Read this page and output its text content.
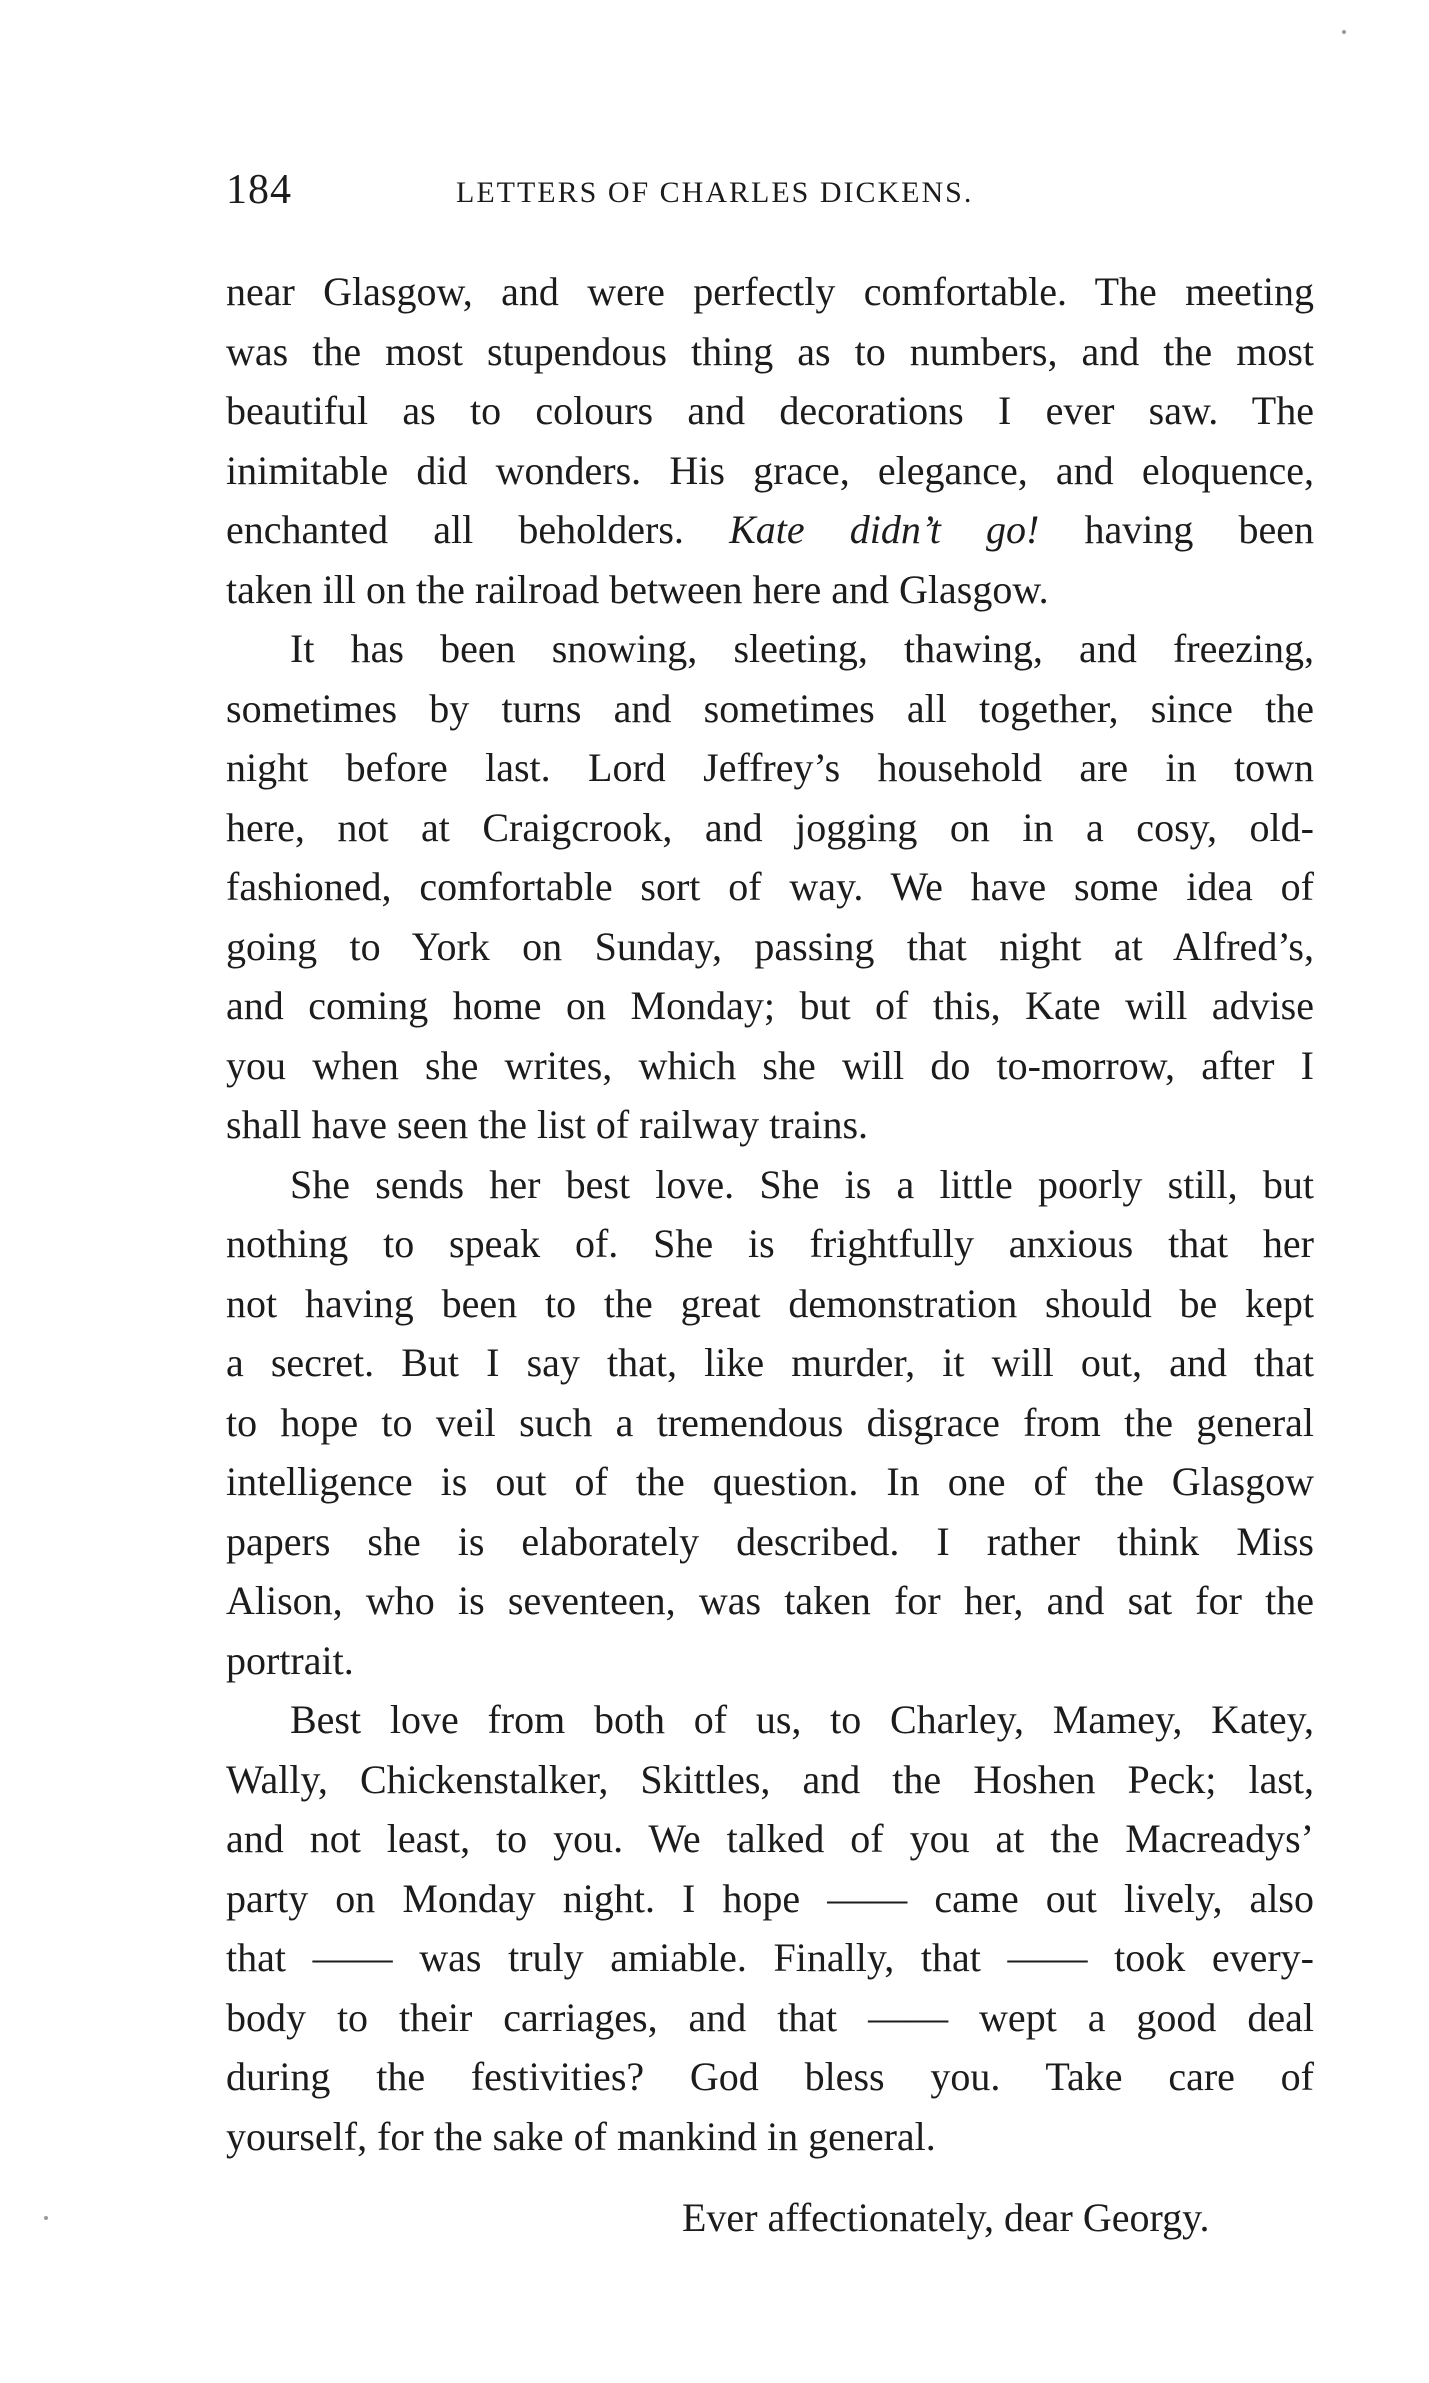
184	LETTERS OF CHARLES DICKENS.
near Glasgow, and were perfectly comfortable. The meeting
was the most stupendous thing as to numbers, and the most
beautiful as to colours and decorations I ever saw. The
inimitable did wonders. His grace, elegance, and eloquence,
enchanted all beholders. Kate didn’t go! having been
taken ill on the railroad between here and Glasgow.
It has been snowing, sleeting, thawing, and freezing,
sometimes by turns and sometimes all together, since the
night before last. Lord Jeffrey’s household are in town
here, not at Craigcrook, and jogging on in a cosy, old-
fashioned, comfortable sort of way. We have some idea of
going to York on Sunday, passing that night at Alfred’s,
and coming home on Monday; but of this, Kate will advise
you when she writes, which she will do to-morrow, after I
shall have seen the list of railway trains.
She sends her best love. She is a little poorly still, but
nothing to speak of. She is frightfully anxious that her
not having been to the great demonstration should be kept
a secret. But I say that, like murder, it will out, and that
to hope to veil such a tremendous disgrace from the general
intelligence is out of the question. In one of the Glasgow
papers she is elaborately described. I rather think Miss
Alison, who is seventeen, was taken for her, and sat for the
portrait.
Best love from both of us, to Charley, Mamey, Katey,
Wally, Chickenstalker, Skittles, and the Hoshen Peck; last,
and not least, to you. We talked of you at the Macreadys’
party on Monday night. I hope —— came out lively, also
that —— was truly amiable. Finally, that —— took every-
body to their carriages, and that —— wept a good deal
during the festivities? God bless you. Take care of
yourself, for the sake of mankind in general.
Ever affectionately, dear Georgy.
